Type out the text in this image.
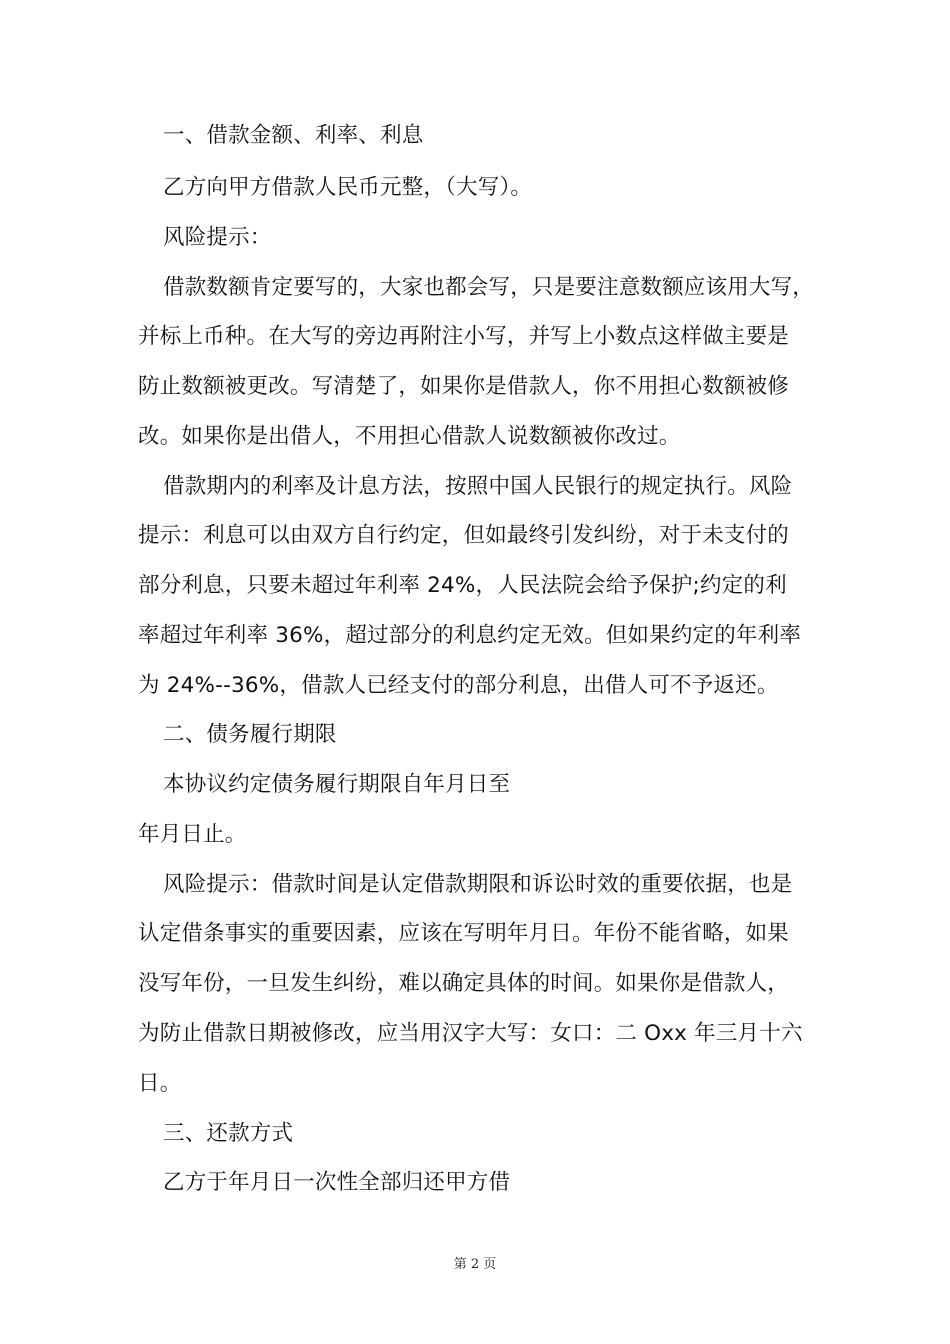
一、借款金额、利率、利息
乙方向甲方借款人民币元整，（大写）。
风险提示：
借款数额肯定要写的，大家也都会写，只是要注意数额应该用大写，
并标上币种。在大写的旁边再附注小写，并写上小数点这样做主要是
防止数额被更改。写清楚了，如果你是借款人，你不用担心数额被修
改。如果你是出借人，不用担心借款人说数额被你改过。
借款期内的利率及计息方法，按照中国人民银行的规定执行。风险
提示：利息可以由双方自行约定，但如最终引发纠纷，对于未支付的
部分利息，只要未超过年利率 24%，人民法院会给予保护;约定的利
率超过年利率 36%，超过部分的利息约定无效。但如果约定的年利率
为 24%--36%，借款人已经支付的部分利息，出借人可不予返还。
二、债务履行期限
本协议约定债务履行期限自年月日至
年月日止。
风险提示：借款时间是认定借款期限和诉讼时效的重要依据，也是
认定借条事实的重要因素，应该在写明年月日。年份不能省略，如果
没写年份，一旦发生纠纷，难以确定具体的时间。如果你是借款人，
为防止借款日期被修改，应当用汉字大写：女口：二 Oxx 年三月十六
日。
三、还款方式
乙方于年月日一次性全部归还甲方借
第 2 页
